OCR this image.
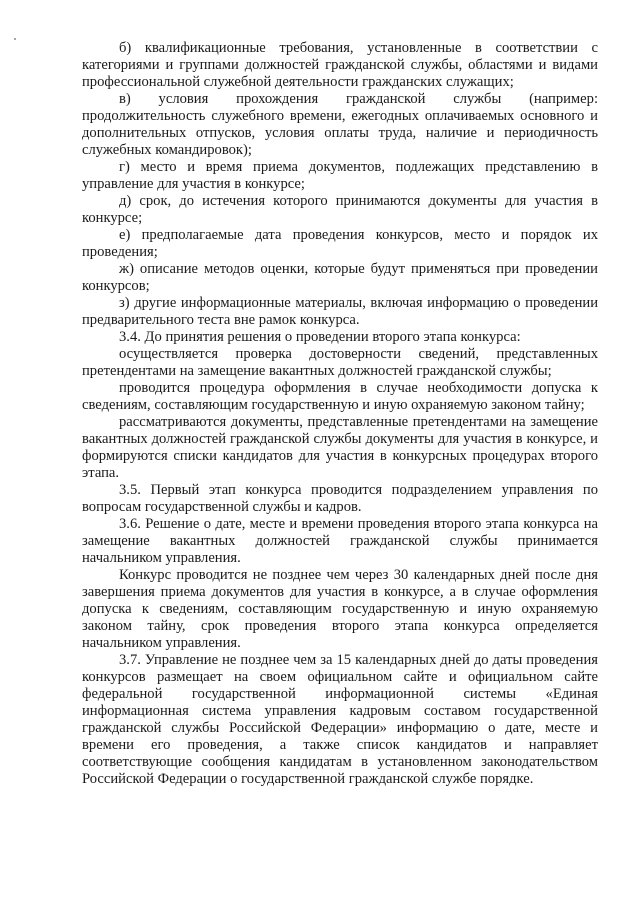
б) квалификационные требования, установленные в соответствии с категориями и группами должностей гражданской службы, областями и видами профессиональной служебной деятельности гражданских служащих;

в) условия прохождения гражданской службы (например: продолжительность служебного времени, ежегодных оплачиваемых основного и дополнительных отпусков, условия оплаты труда, наличие и периодичность служебных командировок);

г) место и время приема документов, подлежащих представлению в управление для участия в конкурсе;

д) срок, до истечения которого принимаются документы для участия в конкурсе;

е) предполагаемые дата проведения конкурсов, место и порядок их проведения;

ж) описание методов оценки, которые будут применяться при проведении конкурсов;

з) другие информационные материалы, включая информацию о проведении предварительного теста вне рамок конкурса.

3.4. До принятия решения о проведении второго этапа конкурса:

осуществляется проверка достоверности сведений, представленных претендентами на замещение вакантных должностей гражданской службы;

проводится процедура оформления в случае необходимости допуска к сведениям, составляющим государственную и иную охраняемую законом тайну;

рассматриваются документы, представленные претендентами на замещение вакантных должностей гражданской службы документы для участия в конкурсе, и формируются списки кандидатов для участия в конкурсных процедурах второго этапа.

3.5. Первый этап конкурса проводится подразделением управления по вопросам государственной службы и кадров.

3.6. Решение о дате, месте и времени проведения второго этапа конкурса на замещение вакантных должностей гражданской службы принимается начальником управления.

Конкурс проводится не позднее чем через 30 календарных дней после дня завершения приема документов для участия в конкурсе, а в случае оформления допуска к сведениям, составляющим государственную и иную охраняемую законом тайну, срок проведения второго этапа конкурса определяется начальником управления.

3.7. Управление не позднее чем за 15 календарных дней до даты проведения конкурсов размещает на своем официальном сайте и официальном сайте федеральной государственной информационной системы «Единая информационная система управления кадровым составом государственной гражданской службы Российской Федерации» информацию о дате, месте и времени его проведения, а также список кандидатов и направляет соответствующие сообщения кандидатам в установленном законодательством Российской Федерации о государственной гражданской службе порядке.
